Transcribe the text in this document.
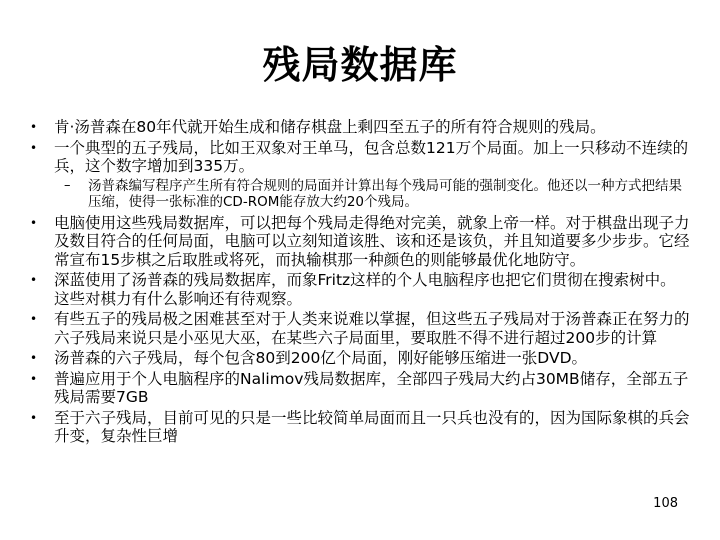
残局数据库
•	肯·汤普森在80年代就开始生成和储存棋盘上剩四至五子的所有符合规则的残局。
•	一个典型的五子残局，比如王双象对王单马，包含总数121万个局面。加上一只移动不连续的兵，这个数字增加到335万。
–	汤普森编写程序产生所有符合规则的局面并计算出每个残局可能的强制变化。他还以一种方式把结果压缩，使得一张标准的CD-ROM能存放大约20个残局。
•	电脑使用这些残局数据库，可以把每个残局走得绝对完美，就象上帝一样。对于棋盘出现子力及数目符合的任何局面，电脑可以立刻知道该胜、该和还是该负，并且知道要多少步步。它经常宣布15步棋之后取胜或将死，而执输棋那一种颜色的则能够最优化地防守。
•	深蓝使用了汤普森的残局数据库，而象Fritz这样的个人电脑程序也把它们贯彻在搜索树中。这些对棋力有什么影响还有待观察。
•	有些五子的残局极之困难甚至对于人类来说难以掌握，但这些五子残局对于汤普森正在努力的六子残局来说只是小巫见大巫，在某些六子局面里，要取胜不得不进行超过200步的计算
•	汤普森的六子残局，每个包含80到200亿个局面，刚好能够压缩进一张DVD。
•	普遍应用于个人电脑程序的Nalimov残局数据库，全部四子残局大约占30MB储存，全部五子残局需要7GB
•	至于六子残局，目前可见的只是一些比较简单局面而且一只兵也没有的，因为国际象棋的兵会升变，复杂性巨增
108
